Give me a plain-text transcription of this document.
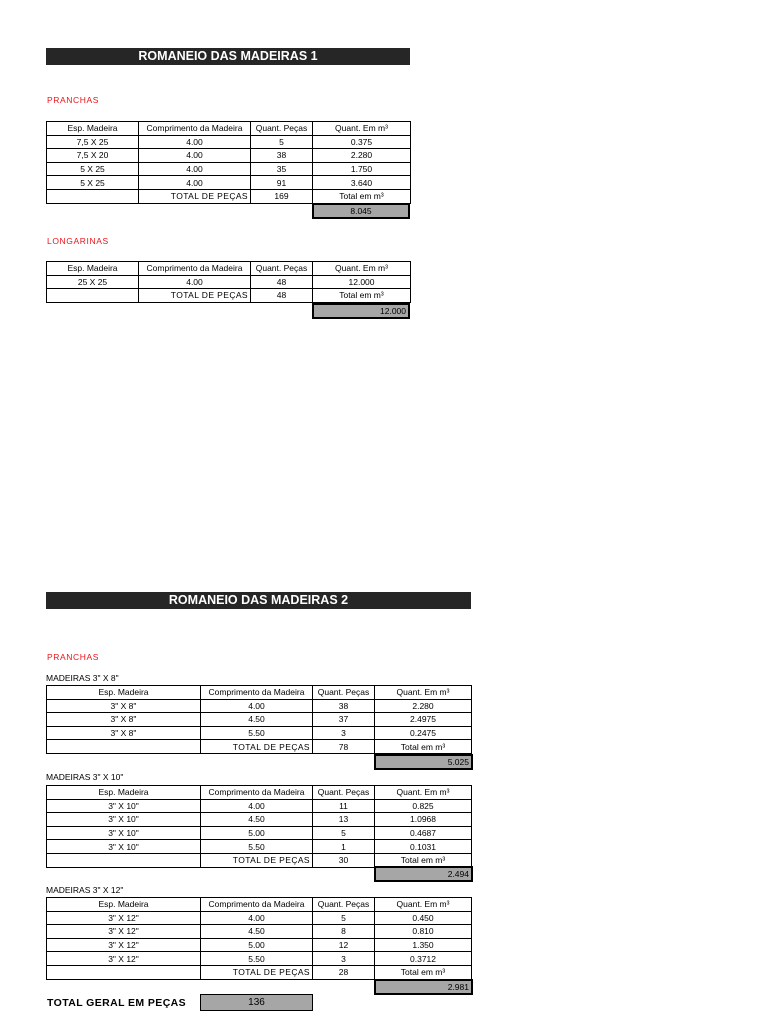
ROMANEIO DAS MADEIRAS 1
PRANCHAS
Esp. Madeira	Comprimento da Madeira	Quant. Peças	Quant. Em m³
7,5 X 25	4.00	5	0.375
7,5 X 20	4.00	38	2.280
5 X 25	4.00	35	1.750
5 X 25	4.00	91	3.640
	TOTAL DE PEÇAS	169	Total em m³
8.045
LONGARINAS
Esp. Madeira	Comprimento da Madeira	Quant. Peças	Quant. Em m³
25 X 25	4.00	48	12.000
	TOTAL DE PEÇAS	48	Total em m³
12.000
ROMANEIO DAS MADEIRAS 2
PRANCHAS
MADEIRAS 3" X 8"
Esp. Madeira	Comprimento da Madeira	Quant. Peças	Quant. Em m³
3" X 8"	4.00	38	2.280
3" X 8"	4.50	37	2.4975
3" X 8"	5.50	3	0.2475
	TOTAL DE PEÇAS	78	Total em m³
5.025
MADEIRAS 3" X 10"
Esp. Madeira	Comprimento da Madeira	Quant. Peças	Quant. Em m³
3" X 10"	4.00	11	0.825
3" X 10"	4.50	13	1.0968
3" X 10"	5.00	5	0.4687
3" X 10"	5.50	1	0.1031
	TOTAL DE PEÇAS	30	Total em m³
2.494
MADEIRAS 3" X 12"
Esp. Madeira	Comprimento da Madeira	Quant. Peças	Quant. Em m³
3" X 12"	4.00	5	0.450
3" X 12"	4.50	8	0.810
3" X 12"	5.00	12	1.350
3" X 12"	5.50	3	0.3712
	TOTAL DE PEÇAS	28	Total em m³
2.981
TOTAL GERAL EM PEÇAS	136
